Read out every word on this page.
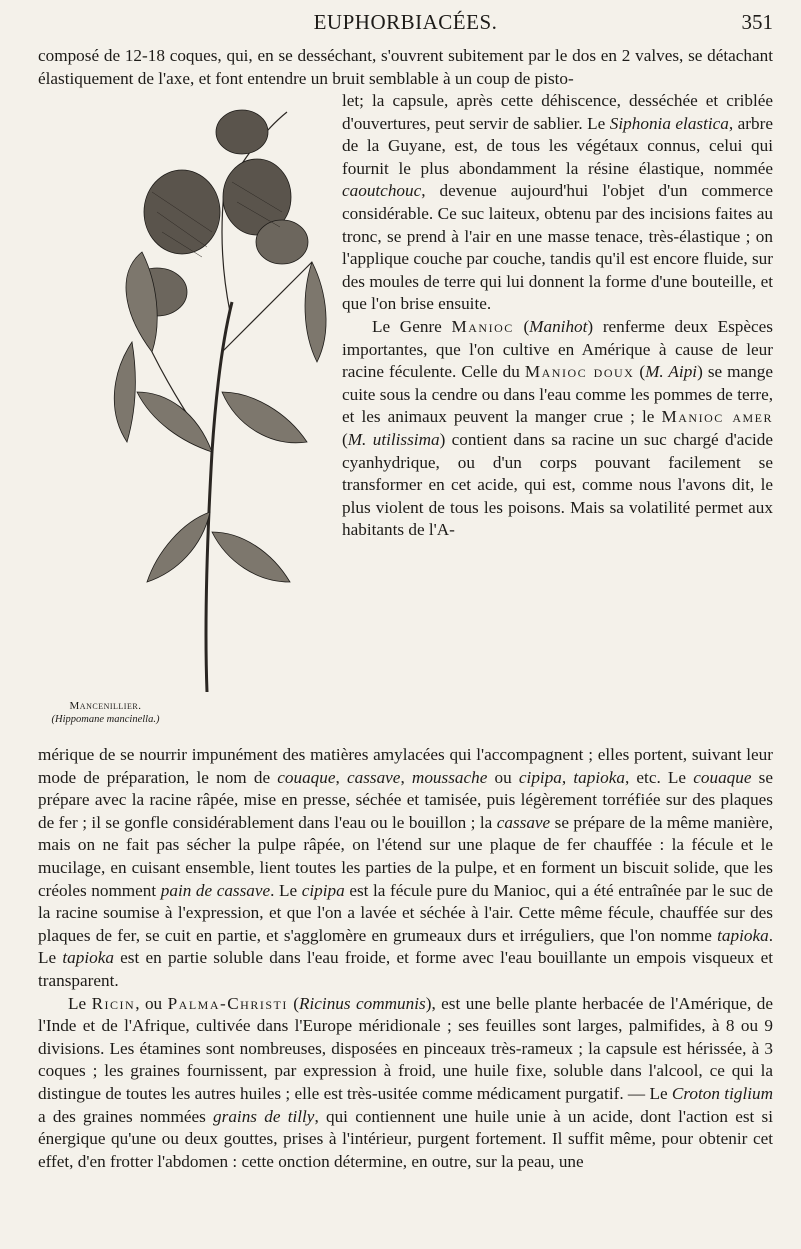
EUPHORBIACÉES.	351

composé de 12-18 coques, qui, en se desséchant, s'ouvrent subitement par le dos en 2 valves, se détachant élastiquement de l'axe, et font entendre un bruit semblable à un coup de pisto-

Mancenillier.
(Hippomane mancinella.)

let; la capsule, après cette déhiscence, desséchée et criblée d'ouvertures, peut servir de sablier. Le Siphonia elastica, arbre de la Guyane, est, de tous les végétaux connus, celui qui fournit le plus abondamment la résine élastique, nommée caoutchouc, devenue aujourd'hui l'objet d'un commerce considérable. Ce suc laiteux, obtenu par des incisions faites au tronc, se prend à l'air en une masse tenace, très-élastique ; on l'applique couche par couche, tandis qu'il est encore fluide, sur des moules de terre qui lui donnent la forme d'une bouteille, et que l'on brise ensuite.

Le Genre Manioc (Manihot) renferme deux Espèces importantes, que l'on cultive en Amérique à cause de leur racine féculente. Celle du Manioc doux (M. Aipi) se mange cuite sous la cendre ou dans l'eau comme les pommes de terre, et les animaux peuvent la manger crue ; le Manioc amer (M. utilissima) contient dans sa racine un suc chargé d'acide cyanhydrique, ou d'un corps pouvant facilement se transformer en cet acide, qui est, comme nous l'avons dit, le plus violent de tous les poisons. Mais sa volatilité permet aux habitants de l'A-

mérique de se nourrir impunément des matières amylacées qui l'accompagnent ; elles portent, suivant leur mode de préparation, le nom de couaque, cassave, moussache ou cipipa, tapioka, etc. Le couaque se prépare avec la racine râpée, mise en presse, séchée et tamisée, puis légèrement torréfiée sur des plaques de fer ; il se gonfle considérablement dans l'eau ou le bouillon ; la cassave se prépare de la même manière, mais on ne fait pas sécher la pulpe râpée, on l'étend sur une plaque de fer chauffée : la fécule et le mucilage, en cuisant ensemble, lient toutes les parties de la pulpe, et en forment un biscuit solide, que les créoles nomment pain de cassave. Le cipipa est la fécule pure du Manioc, qui a été entraînée par le suc de la racine soumise à l'expression, et que l'on a lavée et séchée à l'air. Cette même fécule, chauffée sur des plaques de fer, se cuit en partie, et s'agglomère en grumeaux durs et irréguliers, que l'on nomme tapioka. Le tapioka est en partie soluble dans l'eau froide, et forme avec l'eau bouillante un empois visqueux et transparent.

Le Ricin, ou Palma-Christi (Ricinus communis), est une belle plante herbacée de l'Amérique, de l'Inde et de l'Afrique, cultivée dans l'Europe méridionale ; ses feuilles sont larges, palmifides, à 8 ou 9 divisions. Les étamines sont nombreuses, disposées en pinceaux très-rameux ; la capsule est hérissée, à 3 coques ; les graines fournissent, par expression à froid, une huile fixe, soluble dans l'alcool, ce qui la distingue de toutes les autres huiles ; elle est très-usitée comme médicament purgatif. — Le Croton tiglium a des graines nommées grains de tilly, qui contiennent une huile unie à un acide, dont l'action est si énergique qu'une ou deux gouttes, prises à l'intérieur, purgent fortement. Il suffit même, pour obtenir cet effet, d'en frotter l'abdomen : cette onction détermine, en outre, sur la peau, une
